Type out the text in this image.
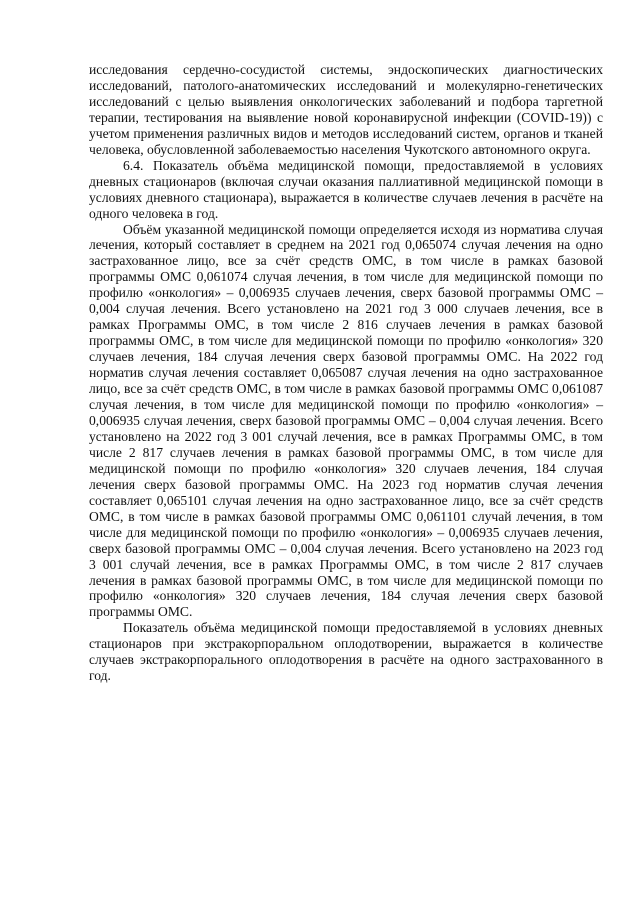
исследования сердечно-сосудистой системы, эндоскопических диагностических исследований, патолого-анатомических исследований и молекулярно-генетических исследований с целью выявления онкологических заболеваний и подбора таргетной терапии, тестирования на выявление новой коронавирусной инфекции (COVID-19)) с учетом применения различных видов и методов исследований систем, органов и тканей человека, обусловленной заболеваемостью населения Чукотского автономного округа.

6.4. Показатель объёма медицинской помощи, предоставляемой в условиях дневных стационаров (включая случаи оказания паллиативной медицинской помощи в условиях дневного стационара), выражается в количестве случаев лечения в расчёте на одного человека в год.

Объём указанной медицинской помощи определяется исходя из норматива случая лечения, который составляет в среднем на 2021 год 0,065074 случая лечения на одно застрахованное лицо, все за счёт средств ОМС, в том числе в рамках базовой программы ОМС 0,061074 случая лечения, в том числе для медицинской помощи по профилю «онкология» – 0,006935 случаев лечения, сверх базовой программы ОМС – 0,004 случая лечения. Всего установлено на 2021 год 3 000 случаев лечения, все в рамках Программы ОМС, в том числе 2 816 случаев лечения в рамках базовой программы ОМС, в том числе для медицинской помощи по профилю «онкология» 320 случаев лечения, 184 случая лечения сверх базовой программы ОМС. На 2022 год норматив случая лечения составляет 0,065087 случая лечения на одно застрахованное лицо, все за счёт средств ОМС, в том числе в рамках базовой программы ОМС 0,061087 случая лечения, в том числе для медицинской помощи по профилю «онкология» – 0,006935 случая лечения, сверх базовой программы ОМС – 0,004 случая лечения. Всего установлено на 2022 год 3 001 случай лечения, все в рамках Программы ОМС, в том числе 2 817 случаев лечения в рамках базовой программы ОМС, в том числе для медицинской помощи по профилю «онкология» 320 случаев лечения, 184 случая лечения сверх базовой программы ОМС. На 2023 год норматив случая лечения составляет 0,065101 случая лечения на одно застрахованное лицо, все за счёт средств ОМС, в том числе в рамках базовой программы ОМС 0,061101 случай лечения, в том числе для медицинской помощи по профилю «онкология» – 0,006935 случаев лечения, сверх базовой программы ОМС – 0,004 случая лечения. Всего установлено на 2023 год 3 001 случай лечения, все в рамках Программы ОМС, в том числе 2 817 случаев лечения в рамках базовой программы ОМС, в том числе для медицинской помощи по профилю «онкология» 320 случаев лечения, 184 случая лечения сверх базовой программы ОМС.

Показатель объёма медицинской помощи предоставляемой в условиях дневных стационаров при экстракорпоральном оплодотворении, выражается в количестве случаев экстракорпорального оплодотворения в расчёте на одного застрахованного в год.
